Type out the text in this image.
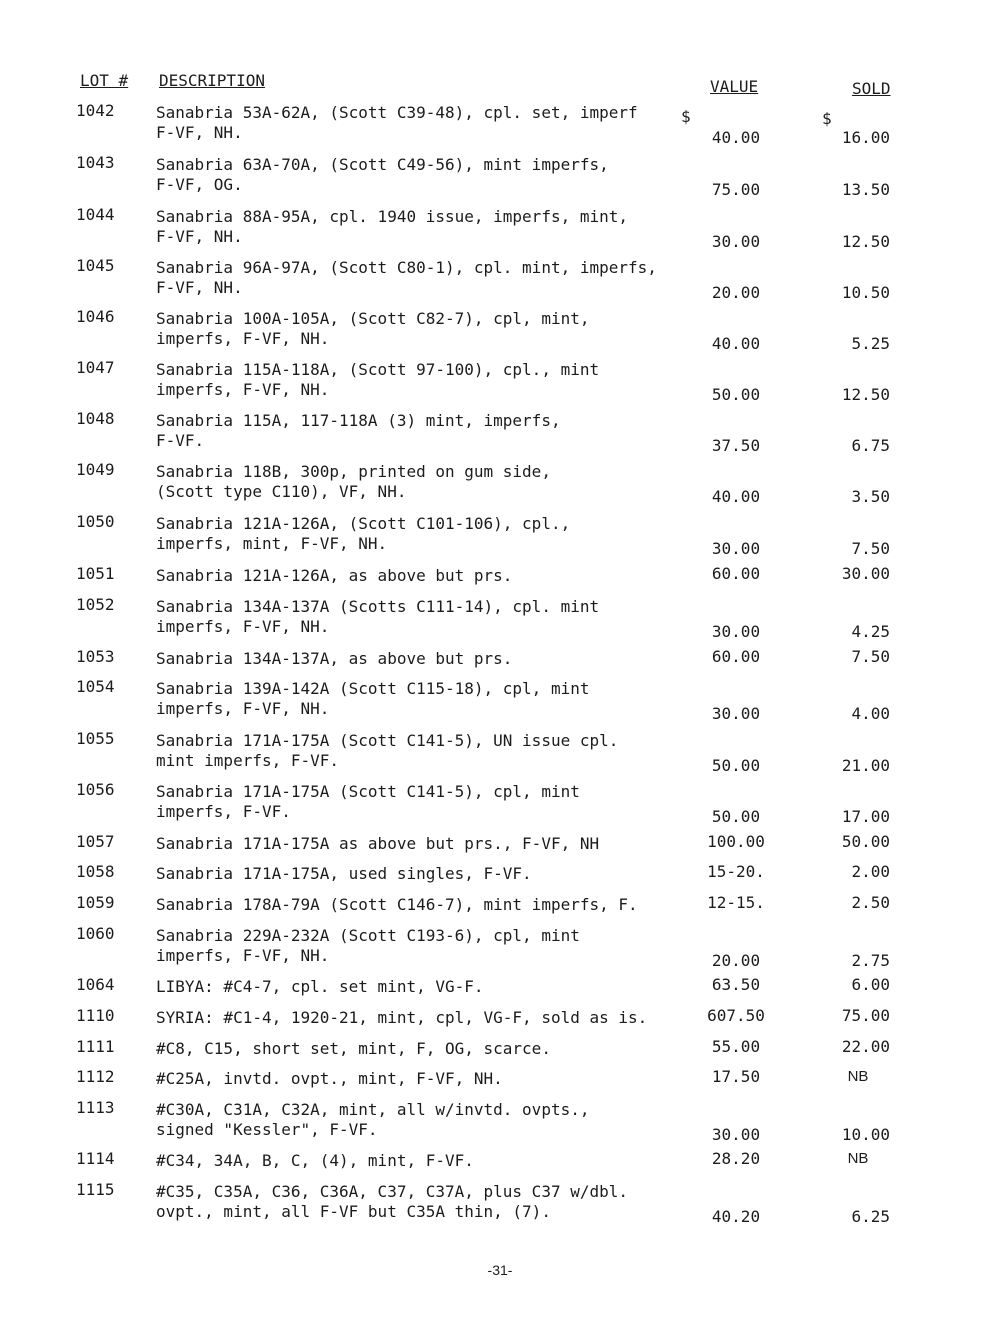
LOT # DESCRIPTION	VALUE	SOLD
$	$
1042	Sanabria 53A-62A, (Scott C39-48), cpl. set, imperf
F-VF, NH.	40.00	16.00
1043	Sanabria 63A-70A, (Scott C49-56), mint imperfs,
F-VF, OG.	75.00	13.50
1044	Sanabria 88A-95A, cpl. 1940 issue, imperfs, mint,
F-VF, NH.	30.00	12.50
1045	Sanabria 96A-97A, (Scott C80-1), cpl. mint, imperfs,
F-VF, NH.	20.00	10.50
1046	Sanabria 100A-105A, (Scott C82-7), cpl, mint,
imperfs, F-VF, NH.	40.00	5.25
1047	Sanabria 115A-118A, (Scott 97-100), cpl., mint
imperfs, F-VF, NH.	50.00	12.50
1048	Sanabria 115A, 117-118A (3) mint, imperfs,
F-VF.	37.50	6.75
1049	Sanabria 118B, 300p, printed on gum side,
(Scott type C110), VF, NH.	40.00	3.50
1050	Sanabria 121A-126A, (Scott C101-106), cpl.,
imperfs, mint, F-VF, NH.	30.00	7.50
1051	Sanabria 121A-126A, as above but prs.	60.00	30.00
1052	Sanabria 134A-137A (Scotts C111-14), cpl. mint
imperfs, F-VF, NH.	30.00	4.25
1053	Sanabria 134A-137A, as above but prs.	60.00	7.50
1054	Sanabria 139A-142A (Scott C115-18), cpl, mint
imperfs, F-VF, NH.	30.00	4.00
1055	Sanabria 171A-175A (Scott C141-5), UN issue cpl.
mint imperfs, F-VF.	50.00	21.00
1056	Sanabria 171A-175A (Scott C141-5), cpl, mint
imperfs, F-VF.	50.00	17.00
1057	Sanabria 171A-175A as above but prs., F-VF, NH	100.00	50.00
1058	Sanabria 171A-175A, used singles, F-VF.	15-20.	2.00
1059	Sanabria 178A-79A (Scott C146-7), mint imperfs, F.	12-15.	2.50
1060	Sanabria 229A-232A (Scott C193-6), cpl, mint
imperfs, F-VF, NH.	20.00	2.75
1064	LIBYA: #C4-7, cpl. set mint, VG-F.	63.50	6.00
1110	SYRIA: #C1-4, 1920-21, mint, cpl, VG-F, sold as is.	607.50	75.00
1111	#C8, C15, short set, mint, F, OG, scarce.	55.00	22.00
1112	#C25A, invtd. ovpt., mint, F-VF, NH.	17.50	NB
1113	#C30A, C31A, C32A, mint, all w/invtd. ovpts.,
signed "Kessler", F-VF.	30.00	10.00
1114	#C34, 34A, B, C, (4), mint, F-VF.	28.20	NB
1115	#C35, C35A, C36, C36A, C37, C37A, plus C37 w/dbl.
ovpt., mint, all F-VF but C35A thin, (7).	40.20	6.25
-31-
